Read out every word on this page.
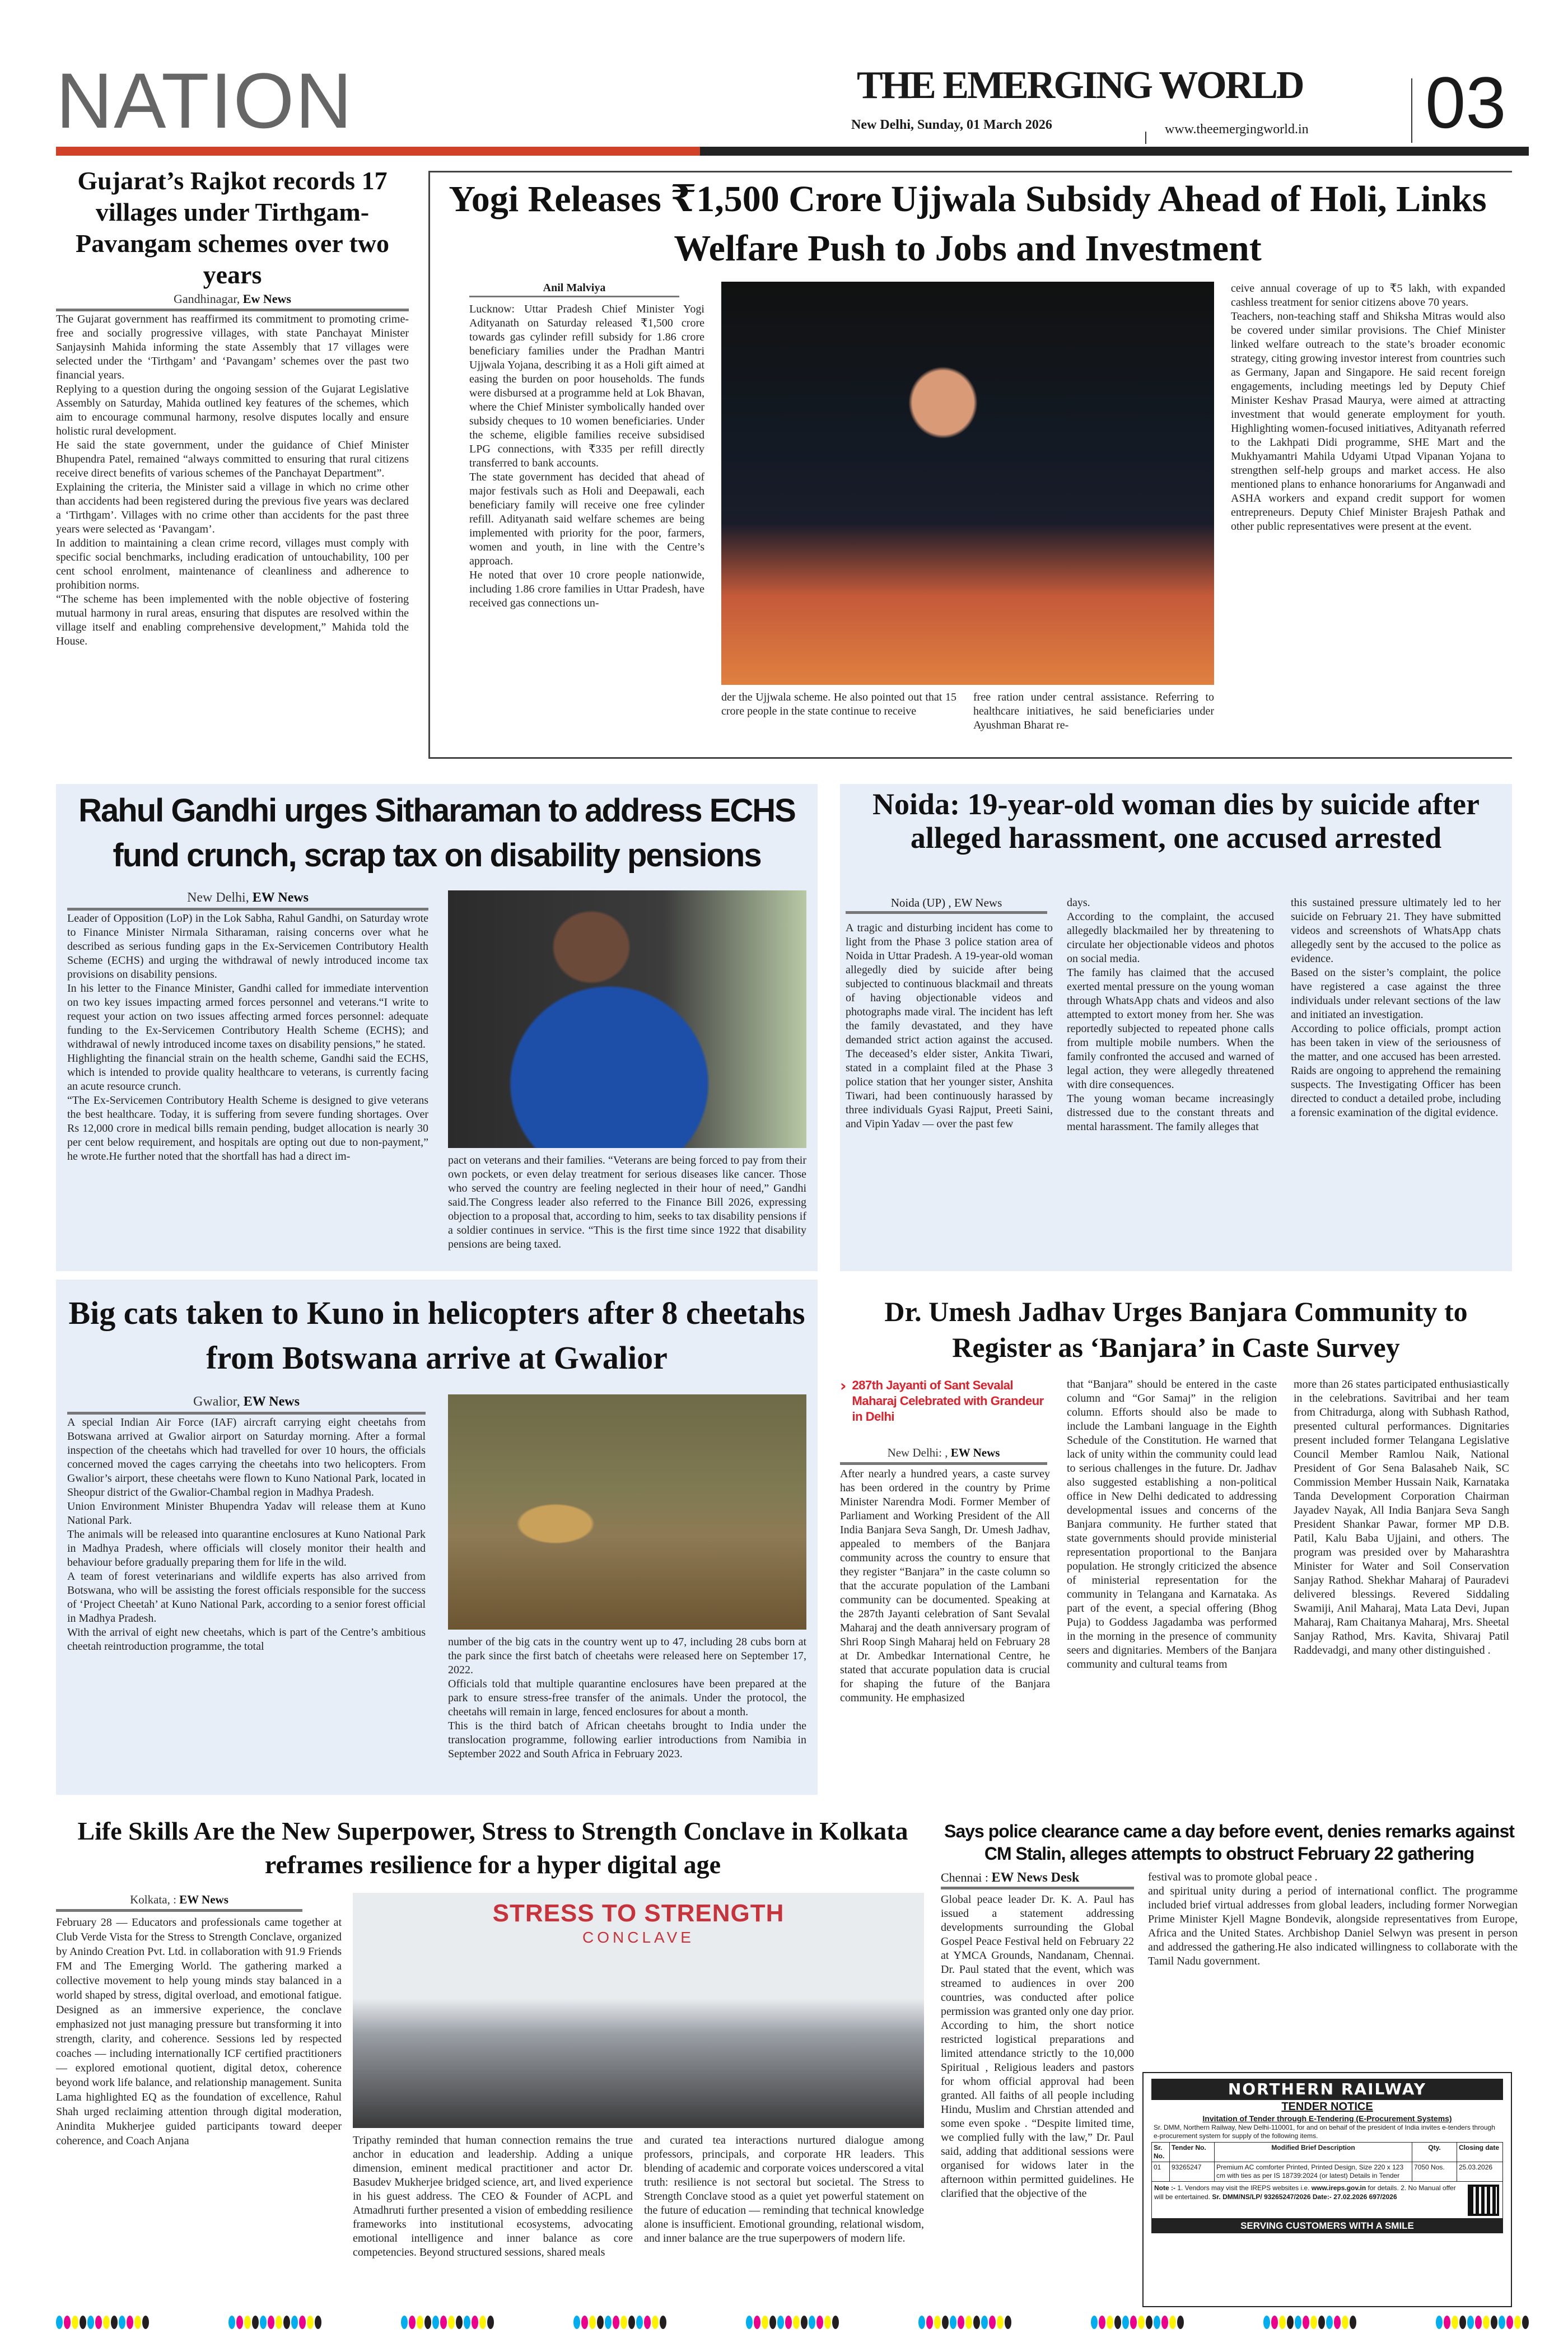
NATION	THE EMERGING WORLD
New Delhi, Sunday, 01 March 2026	www.theemergingworld.in 03
Gujarat’s Rajkot records 17 villages under Tirthgam-Pavangam schemes over two years
Gandhinagar, Ew News

The Gujarat government has reaffirmed its commitment to promoting crime-free and socially progressive villages, with state Panchayat Minister Sanjaysinh Mahida informing the state Assembly that 17 villages were selected under the ‘Tirthgam’ and ‘Pavangam’ schemes over the past two financial years.

Replying to a question during the ongoing session of the Gujarat Legislative Assembly on Saturday, Mahida outlined key features of the schemes, which aim to encourage communal harmony, resolve disputes locally and ensure holistic rural development.

He said the state government, under the guidance of Chief Minister Bhupendra Patel, remained “always committed to ensuring that rural citizens receive direct benefits of various schemes of the Panchayat Department”.

Explaining the criteria, the Minister said a village in which no crime other than accidents had been registered during the previous five years was declared a ‘Tirthgam’. Villages with no crime other than accidents for the past three years were selected as ‘Pavangam’.

In addition to maintaining a clean crime record, villages must comply with specific social benchmarks, including eradication of untouchability, 100 per cent school enrolment, maintenance of cleanliness and adherence to prohibition norms.

“The scheme has been implemented with the noble objective of fostering mutual harmony in rural areas, ensuring that disputes are resolved within the village itself and enabling comprehensive development,” Mahida told the House.

Yogi Releases ₹1,500 Crore Ujjwala Subsidy Ahead of Holi, Links Welfare Push to Jobs and Investment
Anil Malviya

Lucknow: Uttar Pradesh Chief Minister Yogi Adityanath on Saturday released ₹1,500 crore towards gas cylinder refill subsidy for 1.86 crore beneficiary families under the Pradhan Mantri Ujjwala Yojana, describing it as a Holi gift aimed at easing the burden on poor households. The funds were disbursed at a programme held at Lok Bhavan, where the Chief Minister symbolically handed over subsidy cheques to 10 women beneficiaries. Under the scheme, eligible families receive subsidised LPG connections, with ₹335 per refill directly transferred to bank accounts.

The state government has decided that ahead of major festivals such as Holi and Deepawali, each beneficiary family will receive one free cylinder refill. Adityanath said welfare schemes are being implemented with priority for the poor, farmers, women and youth, in line with the Centre’s approach.

He noted that over 10 crore people nationwide, including 1.86 crore families in Uttar Pradesh, have received gas connections un-

der the Ujjwala scheme. He also pointed out that 15 crore people in the state continue to receive
free ration under central assistance. Referring to healthcare initiatives, he said beneficiaries under Ayushman Bharat re-

ceive annual coverage of up to ₹5 lakh, with expanded cashless treatment for senior citizens above 70 years.

Teachers, non-teaching staff and Shiksha Mitras would also be covered under similar provisions. The Chief Minister linked welfare outreach to the state’s broader economic strategy, citing growing investor interest from countries such as Germany, Japan and Singapore. He said recent foreign engagements, including meetings led by Deputy Chief Minister Keshav Prasad Maurya, were aimed at attracting investment that would generate employment for youth. Highlighting women-focused initiatives, Adityanath referred to the Lakhpati Didi programme, SHE Mart and the Mukhyamantri Mahila Udyami Utpad Vipanan Yojana to strengthen self-help groups and market access. He also mentioned plans to enhance honorariums for Anganwadi and ASHA workers and expand credit support for women entrepreneurs. Deputy Chief Minister Brajesh Pathak and other public representatives were present at the event.

Rahul Gandhi urges Sitharaman to address ECHS fund crunch, scrap tax on disability pensions
New Delhi, EW News

Leader of Opposition (LoP) in the Lok Sabha, Rahul Gandhi, on Saturday wrote to Finance Minister Nirmala Sitharaman, raising concerns over what he described as serious funding gaps in the Ex-Servicemen Contributory Health Scheme (ECHS) and urging the withdrawal of newly introduced income tax provisions on disability pensions.

In his letter to the Finance Minister, Gandhi called for immediate intervention on two key issues impacting armed forces personnel and veterans.“I write to request your action on two issues affecting armed forces personnel: adequate funding to the Ex-Servicemen Contributory Health Scheme (ECHS); and withdrawal of newly introduced income taxes on disability pensions,” he stated.

Highlighting the financial strain on the health scheme, Gandhi said the ECHS, which is intended to provide quality healthcare to veterans, is currently facing an acute resource crunch.

“The Ex-Servicemen Contributory Health Scheme is designed to give veterans the best healthcare. Today, it is suffering from severe funding shortages. Over Rs 12,000 crore in medical bills remain pending, budget allocation is nearly 30 per cent below requirement, and hospitals are opting out due to non-payment,” he wrote.He further noted that the shortfall has had a direct im-	pact on veterans and their families. “Veterans are being forced to pay from their own pockets, or even delay treatment for serious diseases like cancer. Those who served the country are feeling neglected in their hour of need,” Gandhi said.The Congress leader also referred to the Finance Bill 2026, expressing objection to a proposal that, according to him, seeks to tax disability pensions if a soldier continues in service. “This is the first time since 1922 that disability pensions are being taxed.
Noida: 19-year-old woman dies by suicide after alleged harassment, one accused arrested
Noida (UP) , EW News
A tragic and disturbing incident has come to light from the Phase 3 police station area of Noida in Uttar Pradesh. A 19-year-old woman allegedly died by suicide after being subjected to continuous blackmail and threats of having objectionable videos and photographs made viral. The incident has left the family devastated, and they have demanded strict action against the accused. The deceased’s elder sister, Ankita Tiwari, stated in a complaint filed at the Phase 3 police station that her younger sister, Anshita Tiwari, had been continuously harassed by three individuals Gyasi Rajput, Preeti Saini, and Vipin Yadav — over the past few

days.

According to the complaint, the accused allegedly blackmailed her by threatening to circulate her objectionable videos and photos on social media.

The family has claimed that the accused exerted mental pressure on the young woman through WhatsApp chats and videos and also attempted to extort money from her. She was reportedly subjected to repeated phone calls from multiple mobile numbers. When the family confronted the accused and warned of legal action, they were allegedly threatened with dire consequences.

The young woman became increasingly distressed due to the constant threats and mental harassment. The family alleges that

this sustained pressure ultimately led to her suicide on February 21. They have submitted videos and screenshots of WhatsApp chats allegedly sent by the accused to the police as evidence.

Based on the sister’s complaint, the police have registered a case against the three individuals under relevant sections of the law and initiated an investigation.

According to police officials, prompt action has been taken in view of the seriousness of the matter, and one accused has been arrested. Raids are ongoing to apprehend the remaining suspects. The Investigating Officer has been directed to conduct a detailed probe, including a forensic examination of the digital evidence.

Big cats taken to Kuno in helicopters after 8 cheetahs from Botswana arrive at Gwalior
Gwalior, EW News

A special Indian Air Force (IAF) aircraft carrying eight cheetahs from Botswana arrived at Gwalior airport on Saturday morning. After a formal inspection of the cheetahs which had travelled for over 10 hours, the officials concerned moved the cages carrying the cheetahs into two helicopters. From Gwalior’s airport, these cheetahs were flown to Kuno National Park, located in Sheopur district of the Gwalior-Chambal region in Madhya Pradesh.

Union Environment Minister Bhupendra Yadav will release them at Kuno National Park.

The animals will be released into quarantine enclosures at Kuno National Park in Madhya Pradesh, where officials will closely monitor their health and behaviour before gradually preparing them for life in the wild.

A team of forest veterinarians and wildlife experts has also arrived from Botswana, who will be assisting the forest officials responsible for the success of ‘Project Cheetah’ at Kuno National Park, according to a senior forest official in Madhya Pradesh.

With the arrival of eight new cheetahs, which is part of the Centre’s ambitious cheetah reintroduction programme, the total	number of the big cats in the country went up to 47, including 28 cubs born at the park since the first batch of cheetahs were released here on September 17, 2022.

Officials told that multiple quarantine enclosures have been prepared at the park to ensure stress-free transfer of the animals. Under the protocol, the cheetahs will remain in large, fenced enclosures for about a month.

This is the third batch of African cheetahs brought to India under the translocation programme, following earlier introductions from Namibia in September 2022 and South Africa in February 2023.

Dr. Umesh Jadhav Urges Banjara Community to Register as ‘Banjara’ in Caste Survey
› 287th Jayanti of Sant Sevalal Maharaj Celebrated with Grandeur in Delhi
New Delhi: , EW News
After nearly a hundred years, a caste survey has been ordered in the country by Prime Minister Narendra Modi. Former Member of Parliament and Working President of the All India Banjara Seva Sangh, Dr. Umesh Jadhav, appealed to members of the Banjara community across the country to ensure that they register “Banjara” in the caste column so that the accurate population of the Lambani community can be documented. Speaking at the 287th Jayanti celebration of Sant Sevalal Maharaj and the death anniversary program of Shri Roop Singh Maharaj held on February 28 at Dr. Ambedkar International Centre, he stated that accurate population data is crucial for shaping the future of the Banjara community. He emphasized
that “Banjara” should be entered in the caste column and “Gor Samaj” in the religion column. Efforts should also be made to include the Lambani language in the Eighth Schedule of the Constitution. He warned that lack of unity within the community could lead to serious challenges in the future. Dr. Jadhav also suggested establishing a non-political office in New Delhi dedicated to addressing developmental issues and concerns of the Banjara community. He further stated that state governments should provide ministerial representation proportional to the Banjara population. He strongly criticized the absence of ministerial representation for the community in Telangana and Karnataka. As part of the event, a special offering (Bhog Puja) to Goddess Jagadamba was performed in the morning in the presence of community seers and dignitaries. Members of the Banjara community and cultural teams from
more than 26 states participated enthusiastically in the celebrations. Savitribai and her team from Chitradurga, along with Subhash Rathod, presented cultural performances. Dignitaries present included former Telangana Legislative Council Member Ramlou Naik, National President of Gor Sena Balasaheb Naik, SC Commission Member Hussain Naik, Karnataka Tanda Development Corporation Chairman Jayadev Nayak, All India Banjara Seva Sangh President Shankar Pawar, former MP D.B. Patil, Kalu Baba Ujjaini, and others. The program was presided over by Maharashtra Minister for Water and Soil Conservation Sanjay Rathod. Shekhar Maharaj of Pauradevi delivered blessings. Revered Siddaling Swamiji, Anil Maharaj, Mata Lata Devi, Jupan Maharaj, Ram Chaitanya Maharaj, Mrs. Sheetal Sanjay Rathod, Mrs. Kavita, Shivaraj Patil Raddevadgi, and many other distinguished .
Life Skills Are the New Superpower, Stress to Strength Conclave in Kolkata reframes resilience for a hyper digital age
Kolkata, : EW News
February 28 — Educators and professionals came together at Club Verde Vista for the Stress to Strength Conclave, organized by Anindo Creation Pvt. Ltd. in collaboration with 91.9 Friends FM and The Emerging World. The gathering marked a collective movement to help young minds stay balanced in a world shaped by stress, digital overload, and emotional fatigue. Designed as an immersive experience, the conclave emphasized not just managing pressure but transforming it into strength, clarity, and coherence. Sessions led by respected coaches — including internationally ICF certified practitioners — explored emotional quotient, digital detox, coherence beyond work life balance, and relationship management. Sunita Lama highlighted EQ as the foundation of excellence, Rahul Shah urged reclaiming attention through digital moderation, Anindita Mukherjee guided participants toward deeper coherence, and Coach Anjana
STRESS TO STRENGTH
CONCLAVE
Tripathy reminded that human connection remains the true anchor in education and leadership. Adding a unique dimension, eminent medical practitioner and actor Dr. Basudev Mukherjee bridged science, art, and lived experience in his guest address. The CEO & Founder of ACPL and Atmadhruti further presented a vision of embedding resilience frameworks into institutional ecosystems, advocating emotional intelligence and inner balance as core competencies. Beyond structured sessions, shared meals
and curated tea interactions nurtured dialogue among professors, principals, and corporate HR leaders. This blending of academic and corporate voices underscored a vital truth: resilience is not sectoral but societal. The Stress to Strength Conclave stood as a quiet yet powerful statement on the future of education — reminding that technical knowledge alone is insufficient. Emotional grounding, relational wisdom, and inner balance are the true superpowers of modern life.
Says police clearance came a day before event, denies remarks against CM Stalin, alleges attempts to obstruct February 22 gathering
Chennai : EW News Desk
Global peace leader Dr. K. A. Paul has issued a statement addressing developments surrounding the Global Gospel Peace Festival held on February 22 at YMCA Grounds, Nandanam, Chennai. Dr. Paul stated that the event, which was streamed to audiences in over 200 countries, was conducted after police permission was granted only one day prior. According to him, the short notice restricted logistical preparations and limited attendance strictly to the 10,000 Spiritual , Religious leaders and pastors for whom official approval had been granted. All faiths of all people including Hindu, Muslim and Chrstian attended and some even spoke . “Despite limited time, we complied fully with the law,” Dr. Paul said, adding that additional sessions were organised for widows later in the afternoon within permitted guidelines. He clarified that the objective of the

festival was to promote global peace .

and spiritual unity during a period of international conflict. The programme included brief virtual addresses from global leaders, including former Norwegian Prime Minister Kjell Magne Bondevik, alongside representatives from Europe, Africa and the United States. Archbishop Daniel Selwyn was present in person and addressed the gathering.He also indicated willingness to collaborate with the Tamil Nadu government.

NORTHERN RAILWAY
TENDER NOTICE
Invitation of Tender through E-Tendering (E-Procurement Systems)
Sr. DMM, Northern Railway, New Delhi-110001, for and on behaif of the president of India invites e-tenders through e-procurement system for supply of the following items.
Sr. No.	Tender No.	Modified Brief Description	Qty.	Closing date
01	93265247	Premium AC comforter Printed, Printed Design, Size 220 x 123 cm with ties as per IS 18739:2024 (or latest) Details in Tender	7050 Nos.	25.03.2026
Note :- 1. Vendors may visit the IREPS websites i.e. www.ireps.gov.in for details. 2. No Manual offer will be entertained. Sr. DMM/NS/LP/ 93265247/2026 Date:- 27.02.2026 697/2026
SERVING CUSTOMERS WITH A SMILE
